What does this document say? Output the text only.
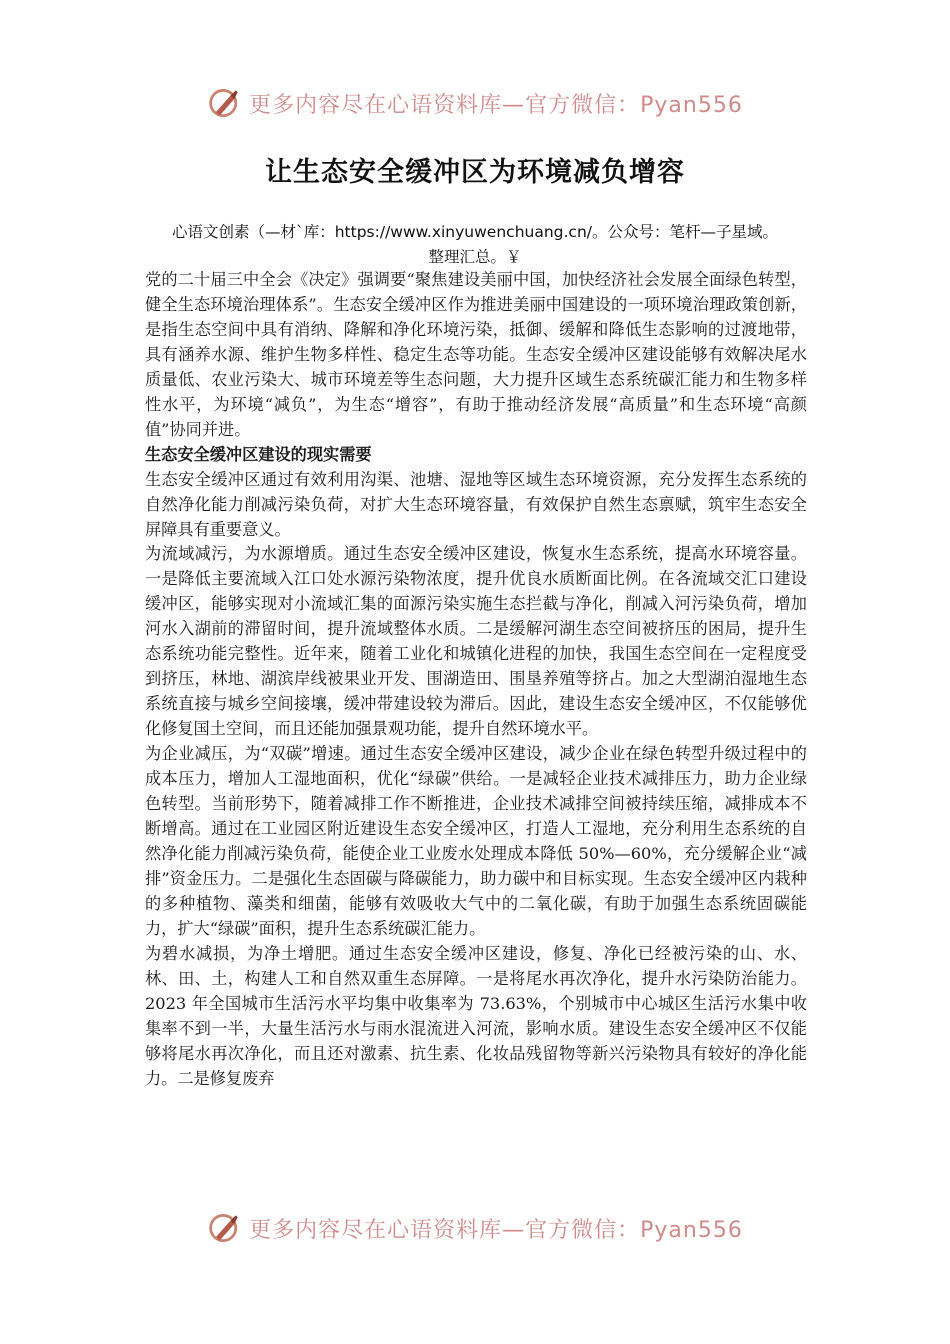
更多内容尽在心语资料库—官方微信：Pyan556
让生态安全缓冲区为环境减负增容
心语文创素（—材`库：https://www.xinyuwenchuang.cn/。公众号：笔杆—子星域。
整理汇总。￥

党的二十届三中全会《决定》强调要“聚焦建设美丽中国，加快经济社会发展全面绿色转型，健全生态环境治理体系”。生态安全缓冲区作为推进美丽中国建设的一项环境治理政策创新，是指生态空间中具有消纳、降解和净化环境污染，抵御、缓解和降低生态影响的过渡地带，具有涵养水源、维护生物多样性、稳定生态等功能。生态安全缓冲区建设能够有效解决尾水质量低、农业污染大、城市环境差等生态问题，大力提升区域生态系统碳汇能力和生物多样性水平，为环境“减负”，为生态“增容”，有助于推动经济发展“高质量”和生态环境“高颜值”协同并进。

生态安全缓冲区建设的现实需要

生态安全缓冲区通过有效利用沟渠、池塘、湿地等区域生态环境资源，充分发挥生态系统的自然净化能力削减污染负荷，对扩大生态环境容量，有效保护自然生态禀赋，筑牢生态安全屏障具有重要意义。

为流域减污，为水源增质。通过生态安全缓冲区建设，恢复水生态系统，提高水环境容量。一是降低主要流域入江口处水源污染物浓度，提升优良水质断面比例。在各流域交汇口建设缓冲区，能够实现对小流域汇集的面源污染实施生态拦截与净化，削减入河污染负荷，增加河水入湖前的滞留时间，提升流域整体水质。二是缓解河湖生态空间被挤压的困局，提升生态系统功能完整性。近年来，随着工业化和城镇化进程的加快，我国生态空间在一定程度受到挤压，林地、湖滨岸线被果业开发、围湖造田、围垦养殖等挤占。加之大型湖泊湿地生态系统直接与城乡空间接壤，缓冲带建设较为滞后。因此，建设生态安全缓冲区，不仅能够优化修复国土空间，而且还能加强景观功能，提升自然环境水平。

为企业减压，为“双碳”增速。通过生态安全缓冲区建设，减少企业在绿色转型升级过程中的成本压力，增加人工湿地面积，优化“绿碳”供给。一是减轻企业技术减排压力，助力企业绿色转型。当前形势下，随着减排工作不断推进，企业技术减排空间被持续压缩，减排成本不断增高。通过在工业园区附近建设生态安全缓冲区，打造人工湿地，充分利用生态系统的自然净化能力削减污染负荷，能使企业工业废水处理成本降低 50%—60%，充分缓解企业“减排”资金压力。二是强化生态固碳与降碳能力，助力碳中和目标实现。生态安全缓冲区内栽种的多种植物、藻类和细菌，能够有效吸收大气中的二氧化碳，有助于加强生态系统固碳能力，扩大“绿碳”面积，提升生态系统碳汇能力。

为碧水减损，为净土增肥。通过生态安全缓冲区建设，修复、净化已经被污染的山、水、林、田、土，构建人工和自然双重生态屏障。一是将尾水再次净化，提升水污染防治能力。2023 年全国城市生活污水平均集中收集率为 73.63%，个别城市中心城区生活污水集中收集率不到一半，大量生活污水与雨水混流进入河流，影响水质。建设生态安全缓冲区不仅能够将尾水再次净化，而且还对激素、抗生素、化妆品残留物等新兴污染物具有较好的净化能力。二是修复废弃

更多内容尽在心语资料库—官方微信：Pyan556
